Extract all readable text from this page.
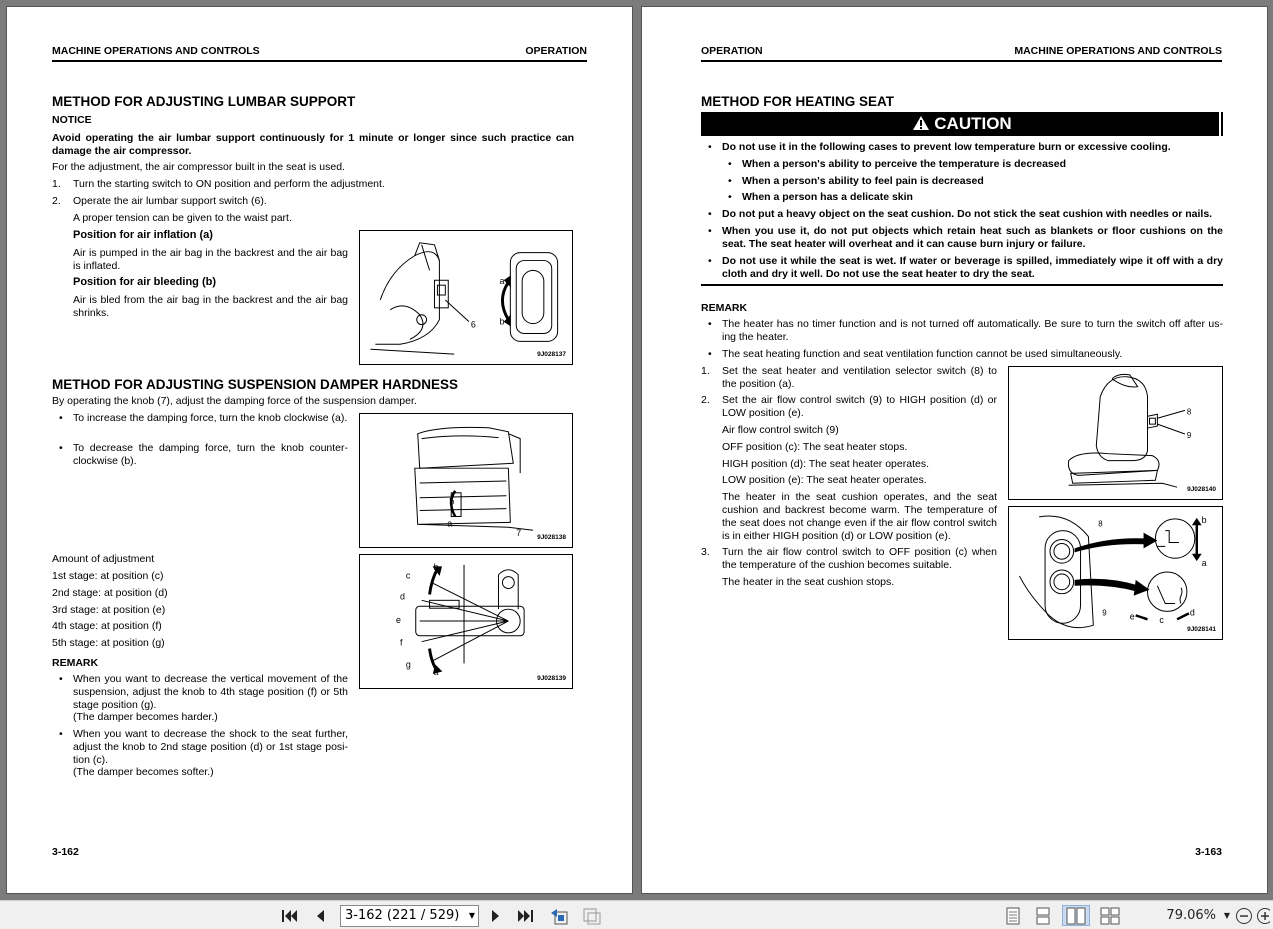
MACHINE OPERATIONS AND CONTROLS	OPERATION
METHOD FOR ADJUSTING LUMBAR SUPPORT
NOTICE
Avoid operating the air lumbar support continuously for 1 minute or longer since such practice can damage the air compressor.
For the adjustment, the air compressor built in the seat is used.
1. Turn the starting switch to ON position and perform the adjustment.
2. Operate the air lumbar support switch (6).
A proper tension can be given to the waist part.
Position for air inflation (a)
Air is pumped in the air bag in the backrest and the air bag is inflated.
Position for air bleeding (b)
Air is bled from the air bag in the backrest and the air bag shrinks.
a
b
6
9J028137
METHOD FOR ADJUSTING SUSPENSION DAMPER HARDNESS
By operating the knob (7), adjust the damping force of the suspension damper.
• To increase the damping force, turn the knob clockwise (a).
• To decrease the damping force, turn the knob counter-clockwise (b).
b
a
7 9J028138
Amount of adjustment
1st stage: at position (c)
2nd stage: at position (d)
3rd stage: at position (e)
4th stage: at position (f)
5th stage: at position (g)
b
c
d
e
f
g
a
9J028139
REMARK
• When you want to decrease the vertical movement of the suspension, adjust the knob to 4th stage position (f) or 5th stage position (g).
(The damper becomes harder.)
• When you want to decrease the shock to the seat further, adjust the knob to 2nd stage position (d) or 1st stage posi-tion (c).
(The damper becomes softer.)
3-162
OPERATION	MACHINE OPERATIONS AND CONTROLS
METHOD FOR HEATING SEAT
CAUTION
• Do not use it in the following cases to prevent low temperature burn or excessive cooling.
• When a person's ability to perceive the temperature is decreased
• When a person's ability to feel pain is decreased
• When a person has a delicate skin
• Do not put a heavy object on the seat cushion. Do not stick the seat cushion with needles or nails.
• When you use it, do not put objects which retain heat such as blankets or floor cushions on the seat. The seat heater will overheat and it can cause burn injury or failure.
• Do not use it while the seat is wet. If water or beverage is spilled, immediately wipe it off with a dry cloth and dry it well. Do not use the seat heater to dry the seat.
REMARK
• The heater has no timer function and is not turned off automatically. Be sure to turn the switch off after us-ing the heater.
• The seat heating function and seat ventilation function cannot be used simultaneously.
1. Set the seat heater and ventilation selector switch (8) to the position (a).
2. Set the air flow control switch (9) to HIGH position (d) or LOW position (e).
Air flow control switch (9)
OFF position (c): The seat heater stops.
HIGH position (d): The seat heater operates.
LOW position (e): The seat heater operates.
The heater in the seat cushion operates, and the seat cushion and backrest become warm. The temperature of the seat does not change even if the air flow control switch is in either HIGH position (d) or LOW position (e).
3. Turn the air flow control switch to OFF position (c) when the temperature of the cushion becomes suitable.
The heater in the seat cushion stops.
8
9
9J028140
8
9
b
a
e	c
d
9J028141
3-163
3-162 (221 / 529) ▼	79.06% ▼
